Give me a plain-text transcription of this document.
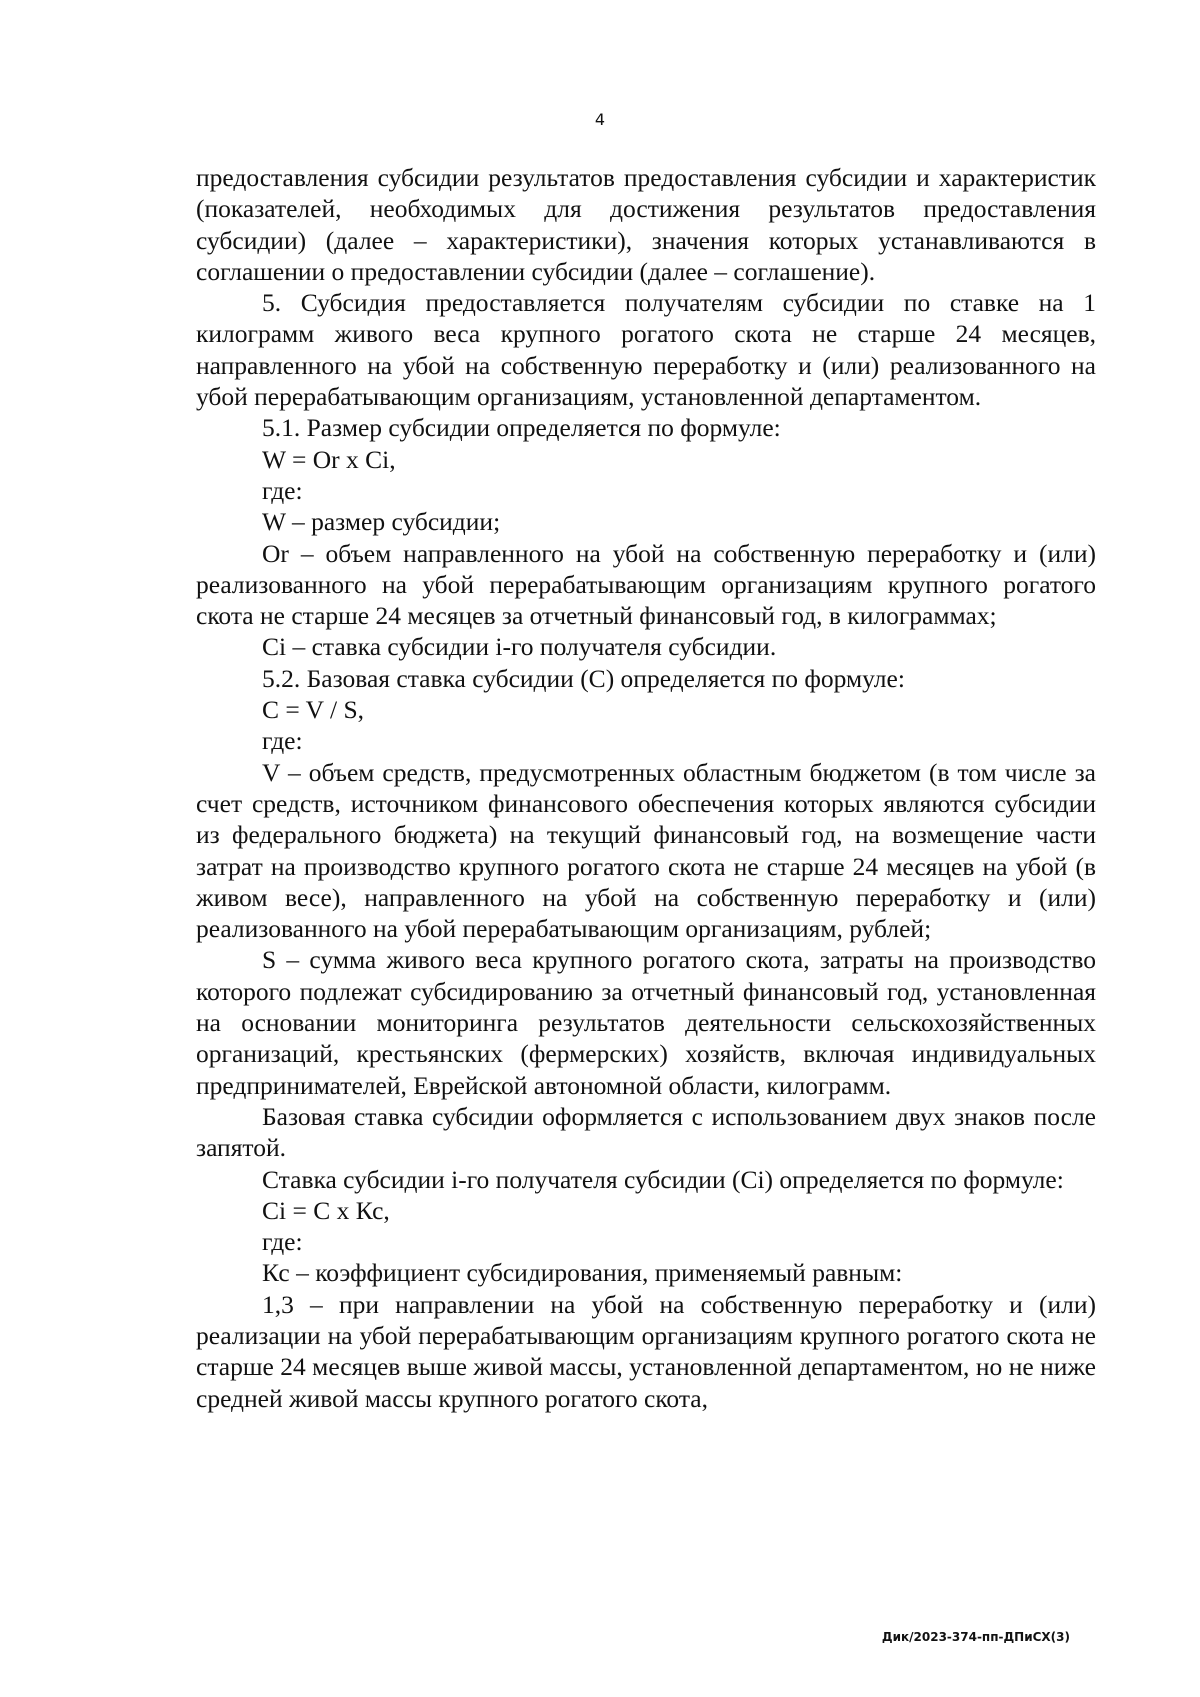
4

предоставления субсидии результатов предоставления субсидии и характеристик (показателей, необходимых для достижения результатов предоставления субсидии) (далее – характеристики), значения которых устанавливаются в соглашении о предоставлении субсидии (далее – соглашение).

5. Субсидия предоставляется получателям субсидии по ставке на 1 килограмм живого веса крупного рогатого скота не старше 24 месяцев, направленного на убой на собственную переработку и (или) реализованного на убой перерабатывающим организациям, установленной департаментом.

5.1. Размер субсидии определяется по формуле:

W = Or x Ci,

где:

W – размер субсидии;

Or – объем направленного на убой на собственную переработку и (или) реализованного на убой перерабатывающим организациям крупного рогатого скота не старше 24 месяцев за отчетный финансовый год, в килограммах;

Ci – ставка субсидии i-го получателя субсидии.

5.2. Базовая ставка субсидии (C) определяется по формуле:

C = V / S,

где:

V – объем средств, предусмотренных областным бюджетом (в том числе за счет средств, источником финансового обеспечения которых являются субсидии из федерального бюджета) на текущий финансовый год, на возмещение части затрат на производство крупного рогатого скота не старше 24 месяцев на убой (в живом весе), направленного на убой на собственную переработку и (или) реализованного на убой перерабатывающим организациям, рублей;

S – сумма живого веса крупного рогатого скота, затраты на производство которого подлежат субсидированию за отчетный финансовый год, установленная на основании мониторинга результатов деятельности сельскохозяйственных организаций, крестьянских (фермерских) хозяйств, включая индивидуальных предпринимателей, Еврейской автономной области, килограмм.

Базовая ставка субсидии оформляется с использованием двух знаков после запятой.

Ставка субсидии i-го получателя субсидии (Ci) определяется по формуле:

Ci = C x Кс,

где:

Кс – коэффициент субсидирования, применяемый равным:

1,3 – при направлении на убой на собственную переработку и (или) реализации на убой перерабатывающим организациям крупного рогатого скота не старше 24 месяцев выше живой массы, установленной департаментом, но не ниже средней живой массы крупного рогатого скота,

Дик/2023-374-пп-ДПиСХ(3)
